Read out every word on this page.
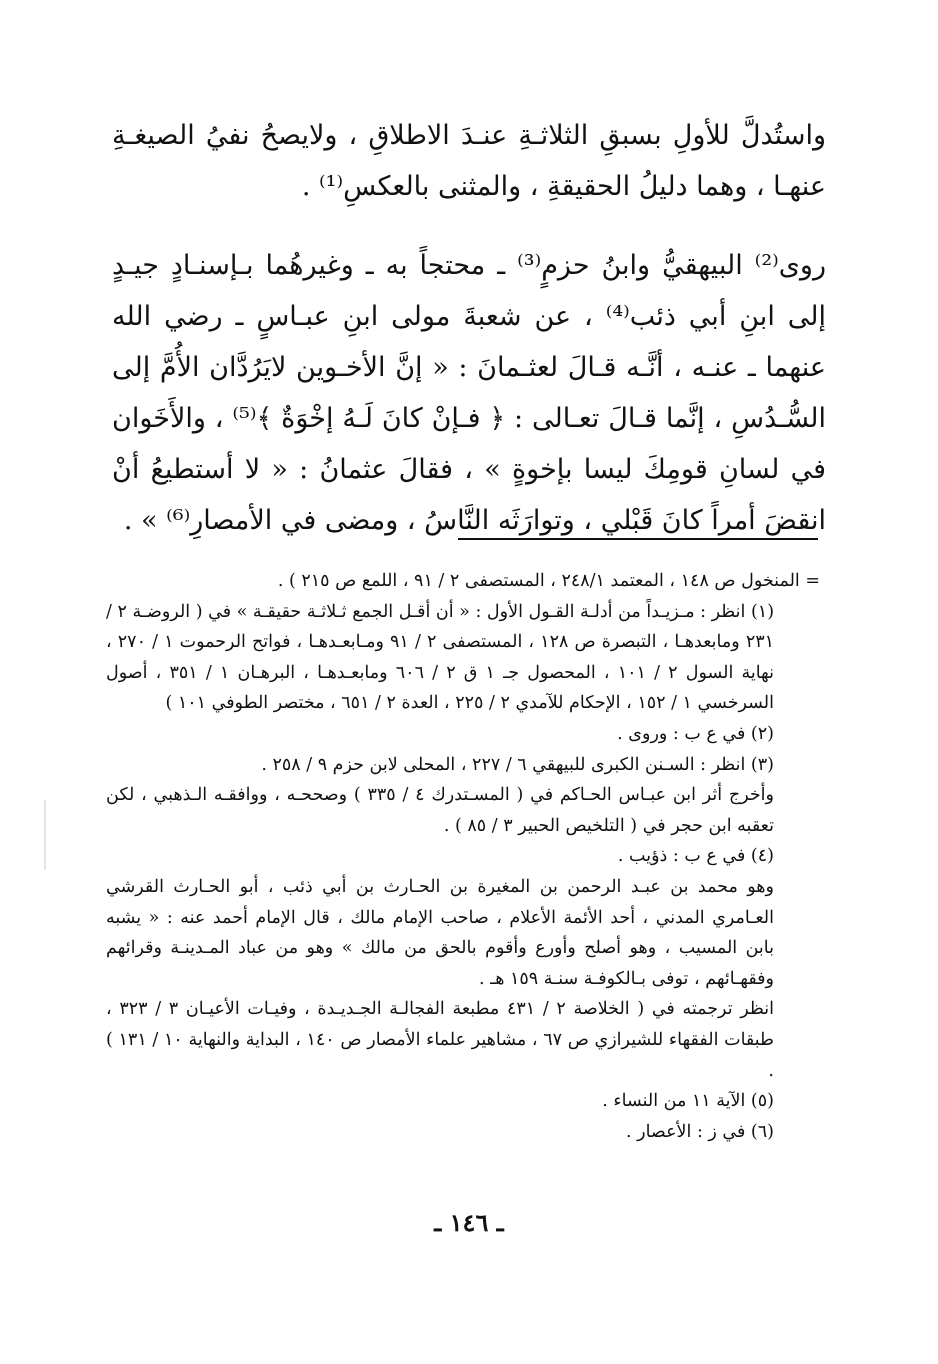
واستُدلَّ للأولِ بسبقِ الثلاثـةِ عنـدَ الاطلاقِ ، ولايصحُ نفيُ الصيغـةِ عنهـا ، وهما دليلُ الحقيقةِ ، والمثنى بالعكسِ⁽¹⁾ .

روى⁽²⁾ البيهقيُّ وابنُ حزمٍ⁽³⁾ ـ محتجاً به ـ وغيرهُما بـإسنـادٍ جيـدٍ إلى ابنِ أبي ذئب⁽⁴⁾ ، عن شعبةَ مولى ابنِ عبـاسٍ ـ رضي الله عنهما ـ عنـه ، أنَّـه قـالَ لعثـمانَ : « إنَّ الأخـوين لايَرُدَّان الأُمَّ إلى السُّـدُسِ ، إنَّما قـالَ تعـالى : ﴿ فـإنْ كانَ لَـهُ إخْوَةٌ ﴾⁽⁵⁾ ، والأَخَوان في لسانِ قومِكَ ليسا بإخوةٍ » ، فقالَ عثمانُ : « لا أستطيعُ أنْ انقضَ أمراً كانَ قَبْلي ، وتوارَثَه النَّاسُ ، ومضى في الأمصارِ⁽⁶⁾ » .

= المنخول ص ١٤٨ ، المعتمد ٢٤٨/١ ، المستصفى ٢ / ٩١ ، اللمع ص ٢١٥ ) .

(١) انظر : مـزيـداً من أدلـة القـول الأول : « أن أقـل الجمع ثـلاثـة حقيقـة » في ( الروضـة ٢ / ٢٣١ ومابعدهـا ، التبصرة ص ١٢٨ ، المستصفى ٢ / ٩١ ومـابعـدهـا ، فواتح الرحموت ١ / ٢٧٠ ، نهاية السول ٢ / ١٠١ ، المحصول جـ ١ ق ٢ / ٦٠٦ ومابعـدهـا ، البرهـان ١ / ٣٥١ ، أصول السرخسي ١ / ١٥٢ ، الإحكام للآمدي ٢ / ٢٢٥ ، العدة ٢ / ٦٥١ ، مختصر الطوفي ١٠١ )

(٢) في ع ب : وروى .

(٣) انظر : السـنن الكبرى للبيهقي ٦ / ٢٢٧ ، المحلى لابن حزم ٩ / ٢٥٨ .

وأخرج أثر ابن عبـاس الحـاكم في ( المسـتدرك ٤ / ٣٣٥ ) وصححـه ، ووافقـه الـذهبي ، لكن تعقبه ابن حجر في ( التلخيص الحبير ٣ / ٨٥ ) .

(٤) في ع ب : ذؤيب .

وهو محمد بن عبـد الرحمن بن المغيرة بن الحـارث بن أبي ذئب ، أبو الحـارث القرشي العـامري المدني ، أحد الأئمة الأعلام ، صاحب الإمام مالك ، قال الإمام أحمد عنه : « يشبه بابن المسيب ، وهو أصلح وأورع وأقوم بالحق من مالك » وهو من عباد المـدينـة وقرائهم وفقهـائهم ، توفى بـالكوفـة سنـة ١٥٩ هـ .

انظر ترجمته في ( الخلاصة ٢ / ٤٣١ مطبعة الفجالـة الجـديـدة ، وفيـات الأعيـان ٣ / ٣٢٣ ، طبقات الفقهاء للشيرازي ص ٦٧ ، مشاهير علماء الأمصار ص ١٤٠ ، البداية والنهاية ١٠ / ١٣١ ) .

(٥) الآية ١١ من النساء .

(٦) في ز : الأعصار .

ـ ١٤٦ ـ
